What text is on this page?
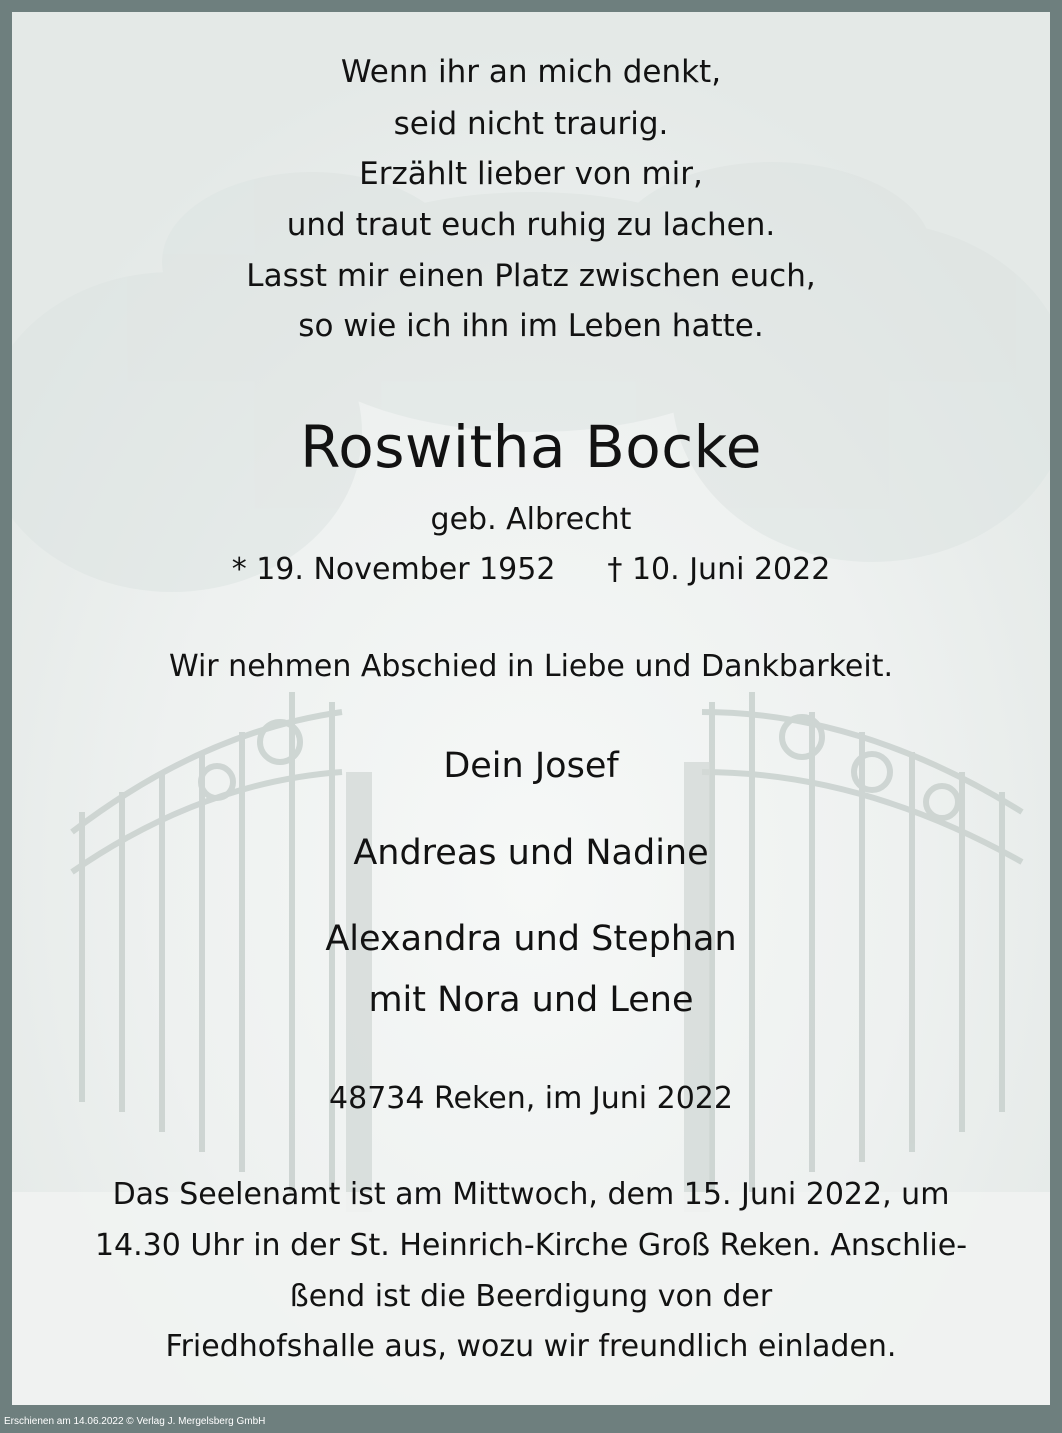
Wenn ihr an mich denkt,
seid nicht traurig.
Erzählt lieber von mir,
und traut euch ruhig zu lachen.
Lasst mir einen Platz zwischen euch,
so wie ich ihn im Leben hatte.
Roswitha Bocke
geb. Albrecht
* 19. November 1952 † 10. Juni 2022
Wir nehmen Abschied in Liebe und Dankbarkeit.
Dein Josef
Andreas und Nadine
Alexandra und Stephan
mit Nora und Lene
48734 Reken, im Juni 2022
Das Seelenamt ist am Mittwoch, dem 15. Juni 2022, um
14.30 Uhr in der St. Heinrich-Kirche Groß Reken. Anschlie-
ßend ist die Beerdigung von der
Friedhofshalle aus, wozu wir freundlich einladen.
Erschienen am 14.06.2022 © Verlag J. Mergelsberg GmbH
